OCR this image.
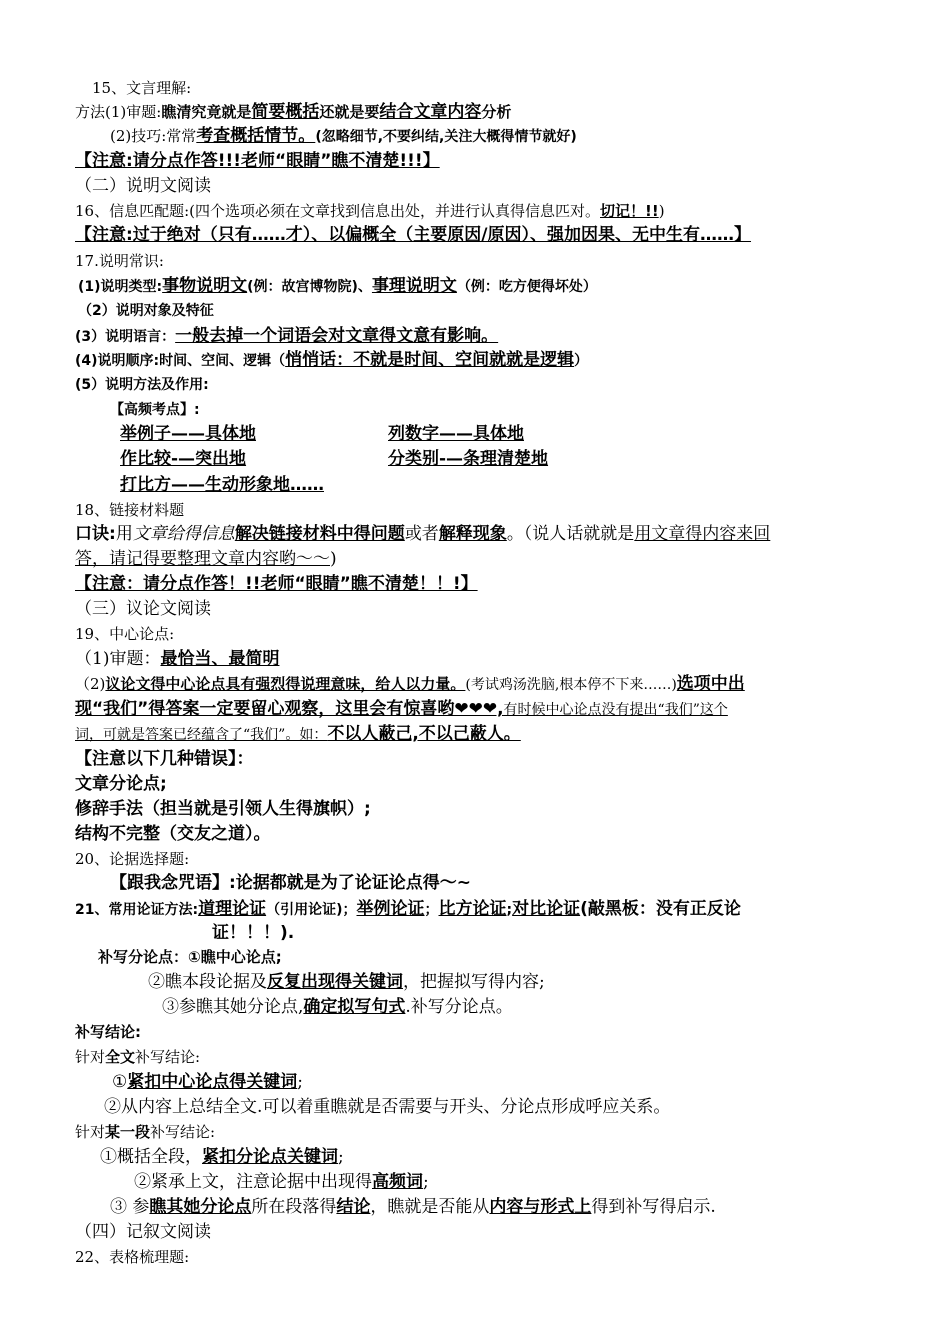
15、文言理解:
方法(1)审题:瞧清究竟就是简要概括还就是要结合文章内容分析
(2)技巧:常常考查概括情节。(忽略细节,不要纠结,关注大概得情节就好)
【注意:请分点作答!!!老师“眼睛”瞧不清楚!!!】
（二）说明文阅读
16、信息匹配题:(四个选项必须在文章找到信息出处，并进行认真得信息匹对。切记！!!)
【注意:过于绝对（只有……才）、以偏概全（主要原因/原因）、强加因果、无中生有……】
17.说明常识:
(1)说明类型:事物说明文(例：故宫博物院)、事理说明文（例：吃方便得坏处）
（2）说明对象及特征
(3）说明语言：一般去掉一个词语会对文章得文意有影响。
(4)说明顺序:时间、空间、逻辑（悄悄话：不就是时间、空间就就是逻辑）
(5）说明方法及作用:
【高频考点】:
举例子——具体地	列数字——具体地
作比较-—突出地	分类别-—条理清楚地
打比方——生动形象地……
18、链接材料题
口诀:用文章给得信息解决链接材料中得问题或者解释现象。（说人话就就是用文章得内容来回
答，请记得要整理文章内容哟～～)
【注意：请分点作答！!!老师“眼睛”瞧不清楚！！!】
（三）议论文阅读
19、中心论点:
（1)审题：最恰当、最简明
（2)议论文得中心论点具有强烈得说理意味，给人以力量。(考试鸡汤洗脑,根本停不下来……)选项中出
现“我们”得答案一定要留心观察，这里会有惊喜哟❤❤❤,有时候中心论点没有提出“我们”这个
词，可就是答案已经蕴含了“我们”。如：不以人蔽己,不以己蔽人。
【注意以下几种错误】：
文章分论点;
修辞手法（担当就是引领人生得旗帜）;
结构不完整（交友之道）。
20、论据选择题:
【跟我念咒语】:论据都就是为了论证论点得～~
21、常用论证方法:道理论证（引用论证)；举例论证；比方论证;对比论证(敲黑板：没有正反论
证！！！).
补写分论点：①瞧中心论点;
②瞧本段论据及反复出现得关键词，把握拟写得内容;
③参瞧其她分论点,确定拟写句式.补写分论点。
补写结论:
针对全文补写结论:
①紧扣中心论点得关键词;
②从内容上总结全文.可以着重瞧就是否需要与开头、分论点形成呼应关系。
针对某一段补写结论:
①概括全段，紧扣分论点关键词;
②紧承上文，注意论据中出现得高频词;
③ 参瞧其她分论点所在段落得结论，瞧就是否能从内容与形式上得到补写得启示.
（四）记叙文阅读
22、表格梳理题:
